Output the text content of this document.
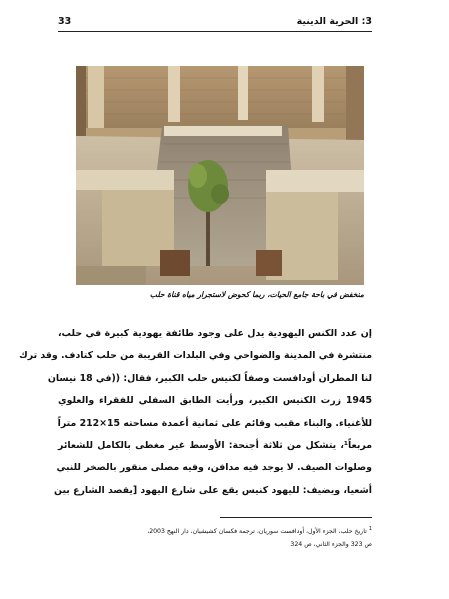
33	3: الحرية الدينية
منخفض في باحة جامع الحيات، ربما كحوض لاستجرار مياه قناة حلب
إن عدد الكنس اليهودية يدل على وجود طائفة يهودية كبيرة في حلب،
منتشرة في المدينة والضواحي وفي البلدات القريبة من حلب كتادف. وقد ترك
لنا المطران أودافست وصفاً لكنيس حلب الكبير، فقال: ((في 18 نيسان
1945 زرت الكنيس الكبير، ورأيت الطابق السفلي للفقراء والعلوي
للأغنياء. والبناء مقبب وقائم على ثمانية أعمدة مساحته 15×212 متراً
مربعاً¹، يتشكل من ثلاثة أجنحة: الأوسط غير مغطى بالكامل للشعائر
وصلوات الصيف. لا يوجد فيه مدافن، وفيه مصلى منقور بالصخر للنبي
أشعيا، ويضيف: لليهود كنيس يقع على شارع اليهود [يقصد الشارع بين
$^1$ تاريخ حلب، الجزء الأول، أودافست سوريان، ترجمة فكسان كشيشيان، دار النهج 2003،
ص 323 والجزء الثاني، ص 324
